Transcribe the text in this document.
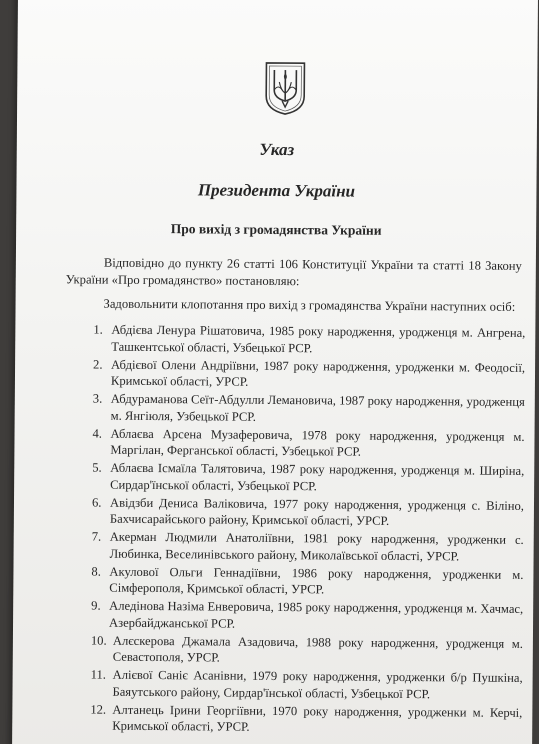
Указ
Президента України
Про вихід з громадянства України
Відповідно до пункту 26 статті 106 Конституції України та статті 18 Закону України «Про громадянство» постановляю:
Задовольнити клопотання про вихід з громадянства України наступних осіб:
1. Абдієва Ленура Рішатовича, 1985 року народження, уродженця м. Ангрена, Ташкентської області, Узбецької РСР.
2. Абдієвої Олени Андріївни, 1987 року народження, уродженки м. Феодосії, Кримської області, УРСР.
3. Абдураманова Сеїт-Абдулли Лемановича, 1987 року народження, уродженця м. Янгіюля, Узбецької РСР.
4. Аблаєва Арсена Музаферовича, 1978 року народження, уродженця м. Маргілан, Ферганської області, Узбецької РСР.
5. Аблаєва Ісмаїла Талятовича, 1987 року народження, уродженця м. Ширіна, Сирдар'їнської області, Узбецької РСР.
6. Авідзби Дениса Валіковича, 1977 року народження, уродженця с. Віліно, Бахчисарайського району, Кримської області, УРСР.
7. Акерман Людмили Анатоліївни, 1981 року народження, уродженки с. Любинка, Веселинівського району, Миколаївської області, УРСР.
8. Акулової Ольги Геннадіївни, 1986 року народження, уродженки м. Сімферополя, Кримської області, УРСР.
9. Аледінова Назіма Енверовича, 1985 року народження, уродженця м. Хачмас, Азербайджанської РСР.
10. Алєскерова Джамала Азадовича, 1988 року народження, уродженця м. Севастополя, УРСР.
11. Алієвої Саніє Асанівни, 1979 року народження, уродженки б/р Пушкіна, Баяутського району, Сирдар'їнської області, Узбецької РСР.
12. Алтанець Ірини Георгіївни, 1970 року народження, уродженки м. Керчі, Кримської області, УРСР.
